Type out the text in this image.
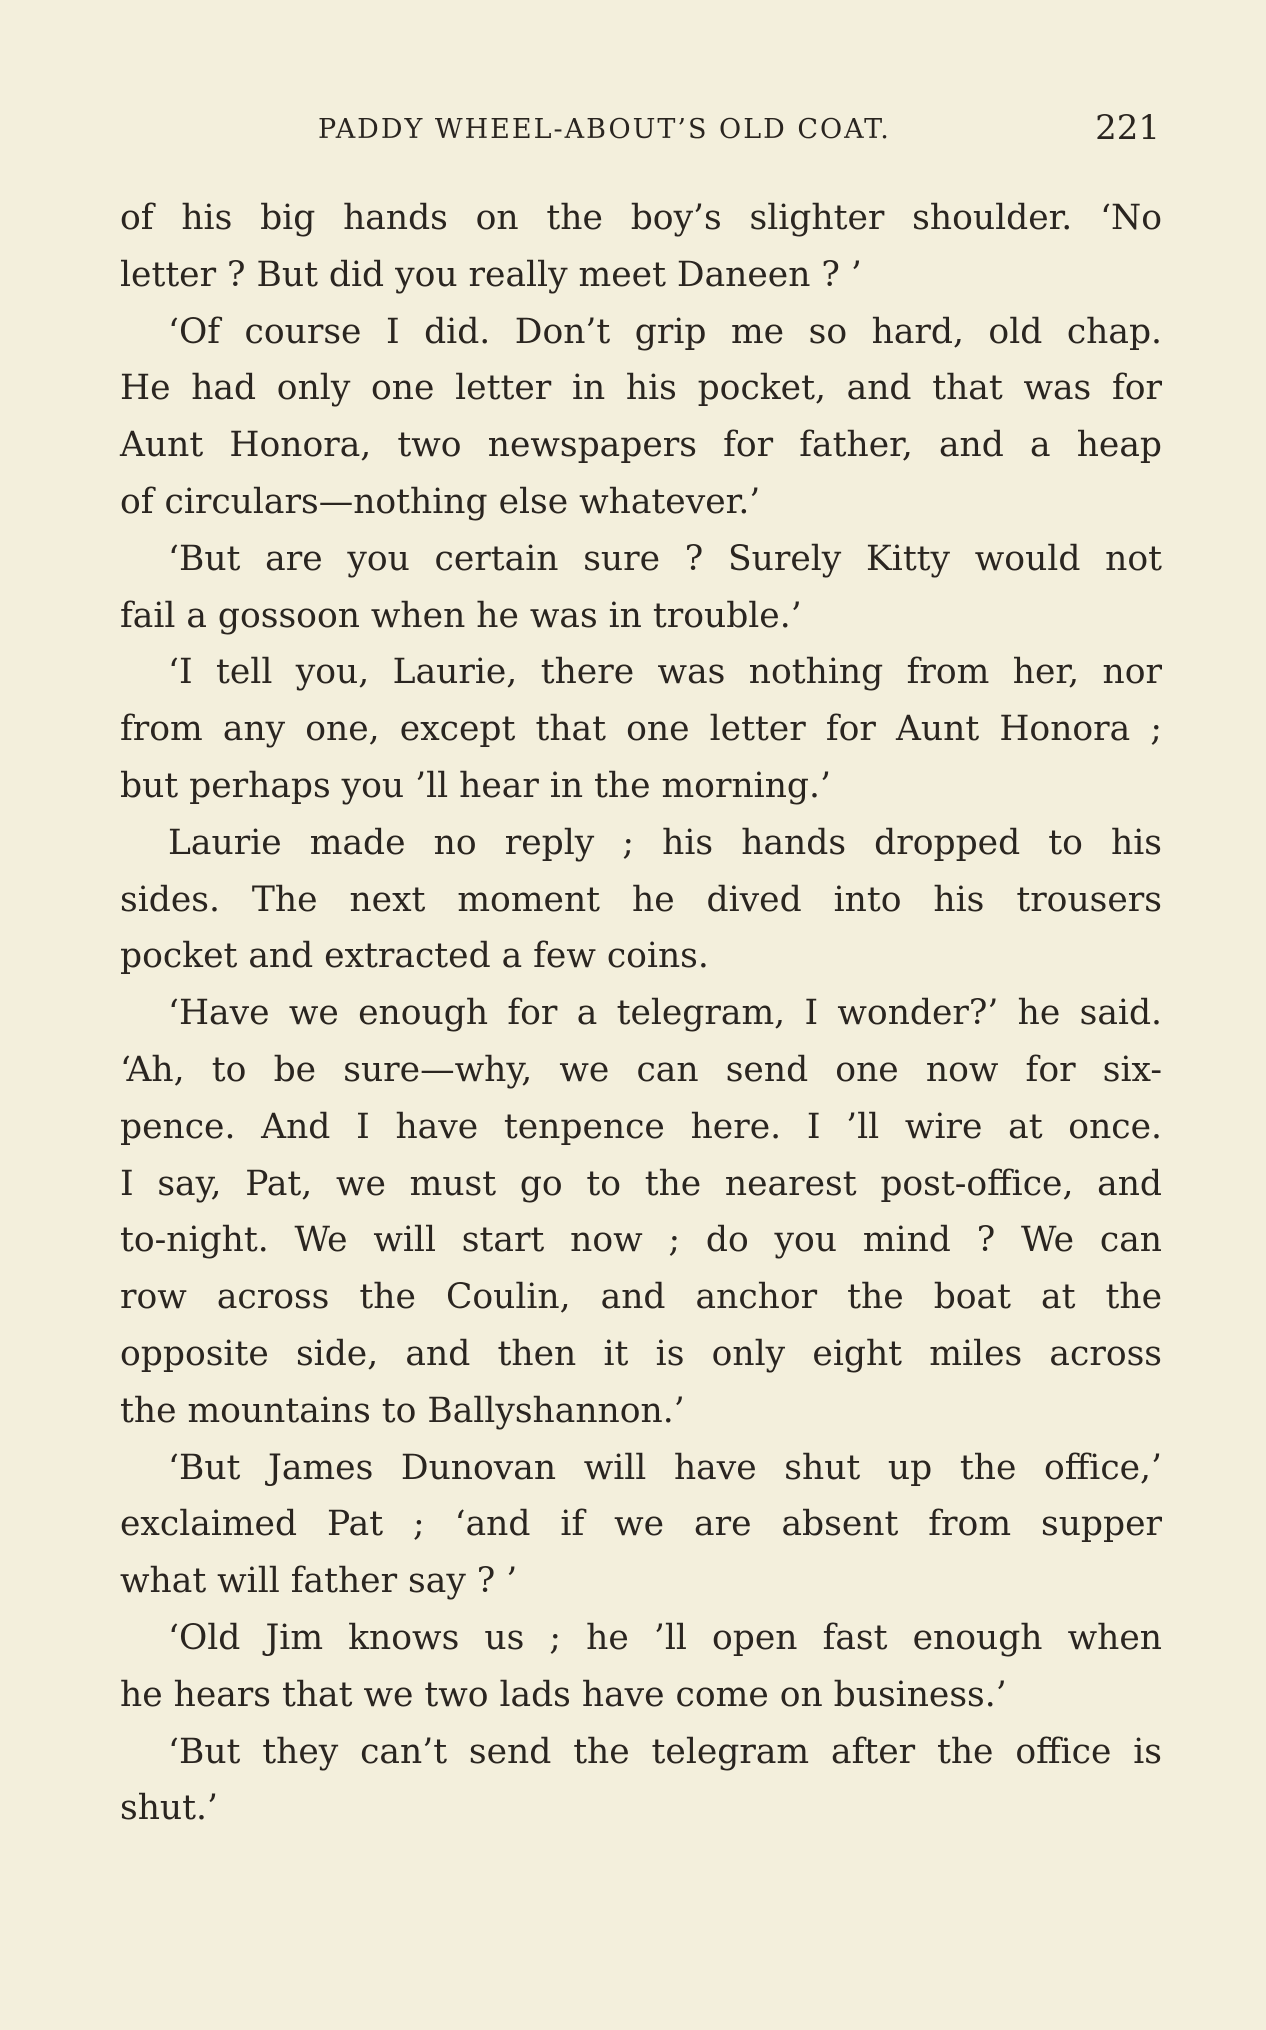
PADDY WHEEL-ABOUT’S OLD COAT.	221
of his big hands on the boy’s slighter shoulder. ‘No
letter ? But did you really meet Daneen ? ’
‘Of course I did. Don’t grip me so hard, old chap.
He had only one letter in his pocket, and that was for
Aunt Honora, two newspapers for father, and a heap
of circulars—nothing else whatever.’
‘But are you certain sure ? Surely Kitty would not
fail a gossoon when he was in trouble.’
‘I tell you, Laurie, there was nothing from her, nor
from any one, except that one letter for Aunt Honora ;
but perhaps you ’ll hear in the morning.’
Laurie made no reply ; his hands dropped to his
sides. The next moment he dived into his trousers
pocket and extracted a few coins.
‘Have we enough for a telegram, I wonder?’ he said.
‘Ah, to be sure—why, we can send one now for six-
pence. And I have tenpence here. I ’ll wire at once.
I say, Pat, we must go to the nearest post-office, and
to-night. We will start now ; do you mind ? We can
row across the Coulin, and anchor the boat at the
opposite side, and then it is only eight miles across
the mountains to Ballyshannon.’
‘But James Dunovan will have shut up the office,’
exclaimed Pat ; ‘and if we are absent from supper
what will father say ? ’
‘Old Jim knows us ; he ’ll open fast enough when
he hears that we two lads have come on business.’
‘But they can’t send the telegram after the office is
shut.’
